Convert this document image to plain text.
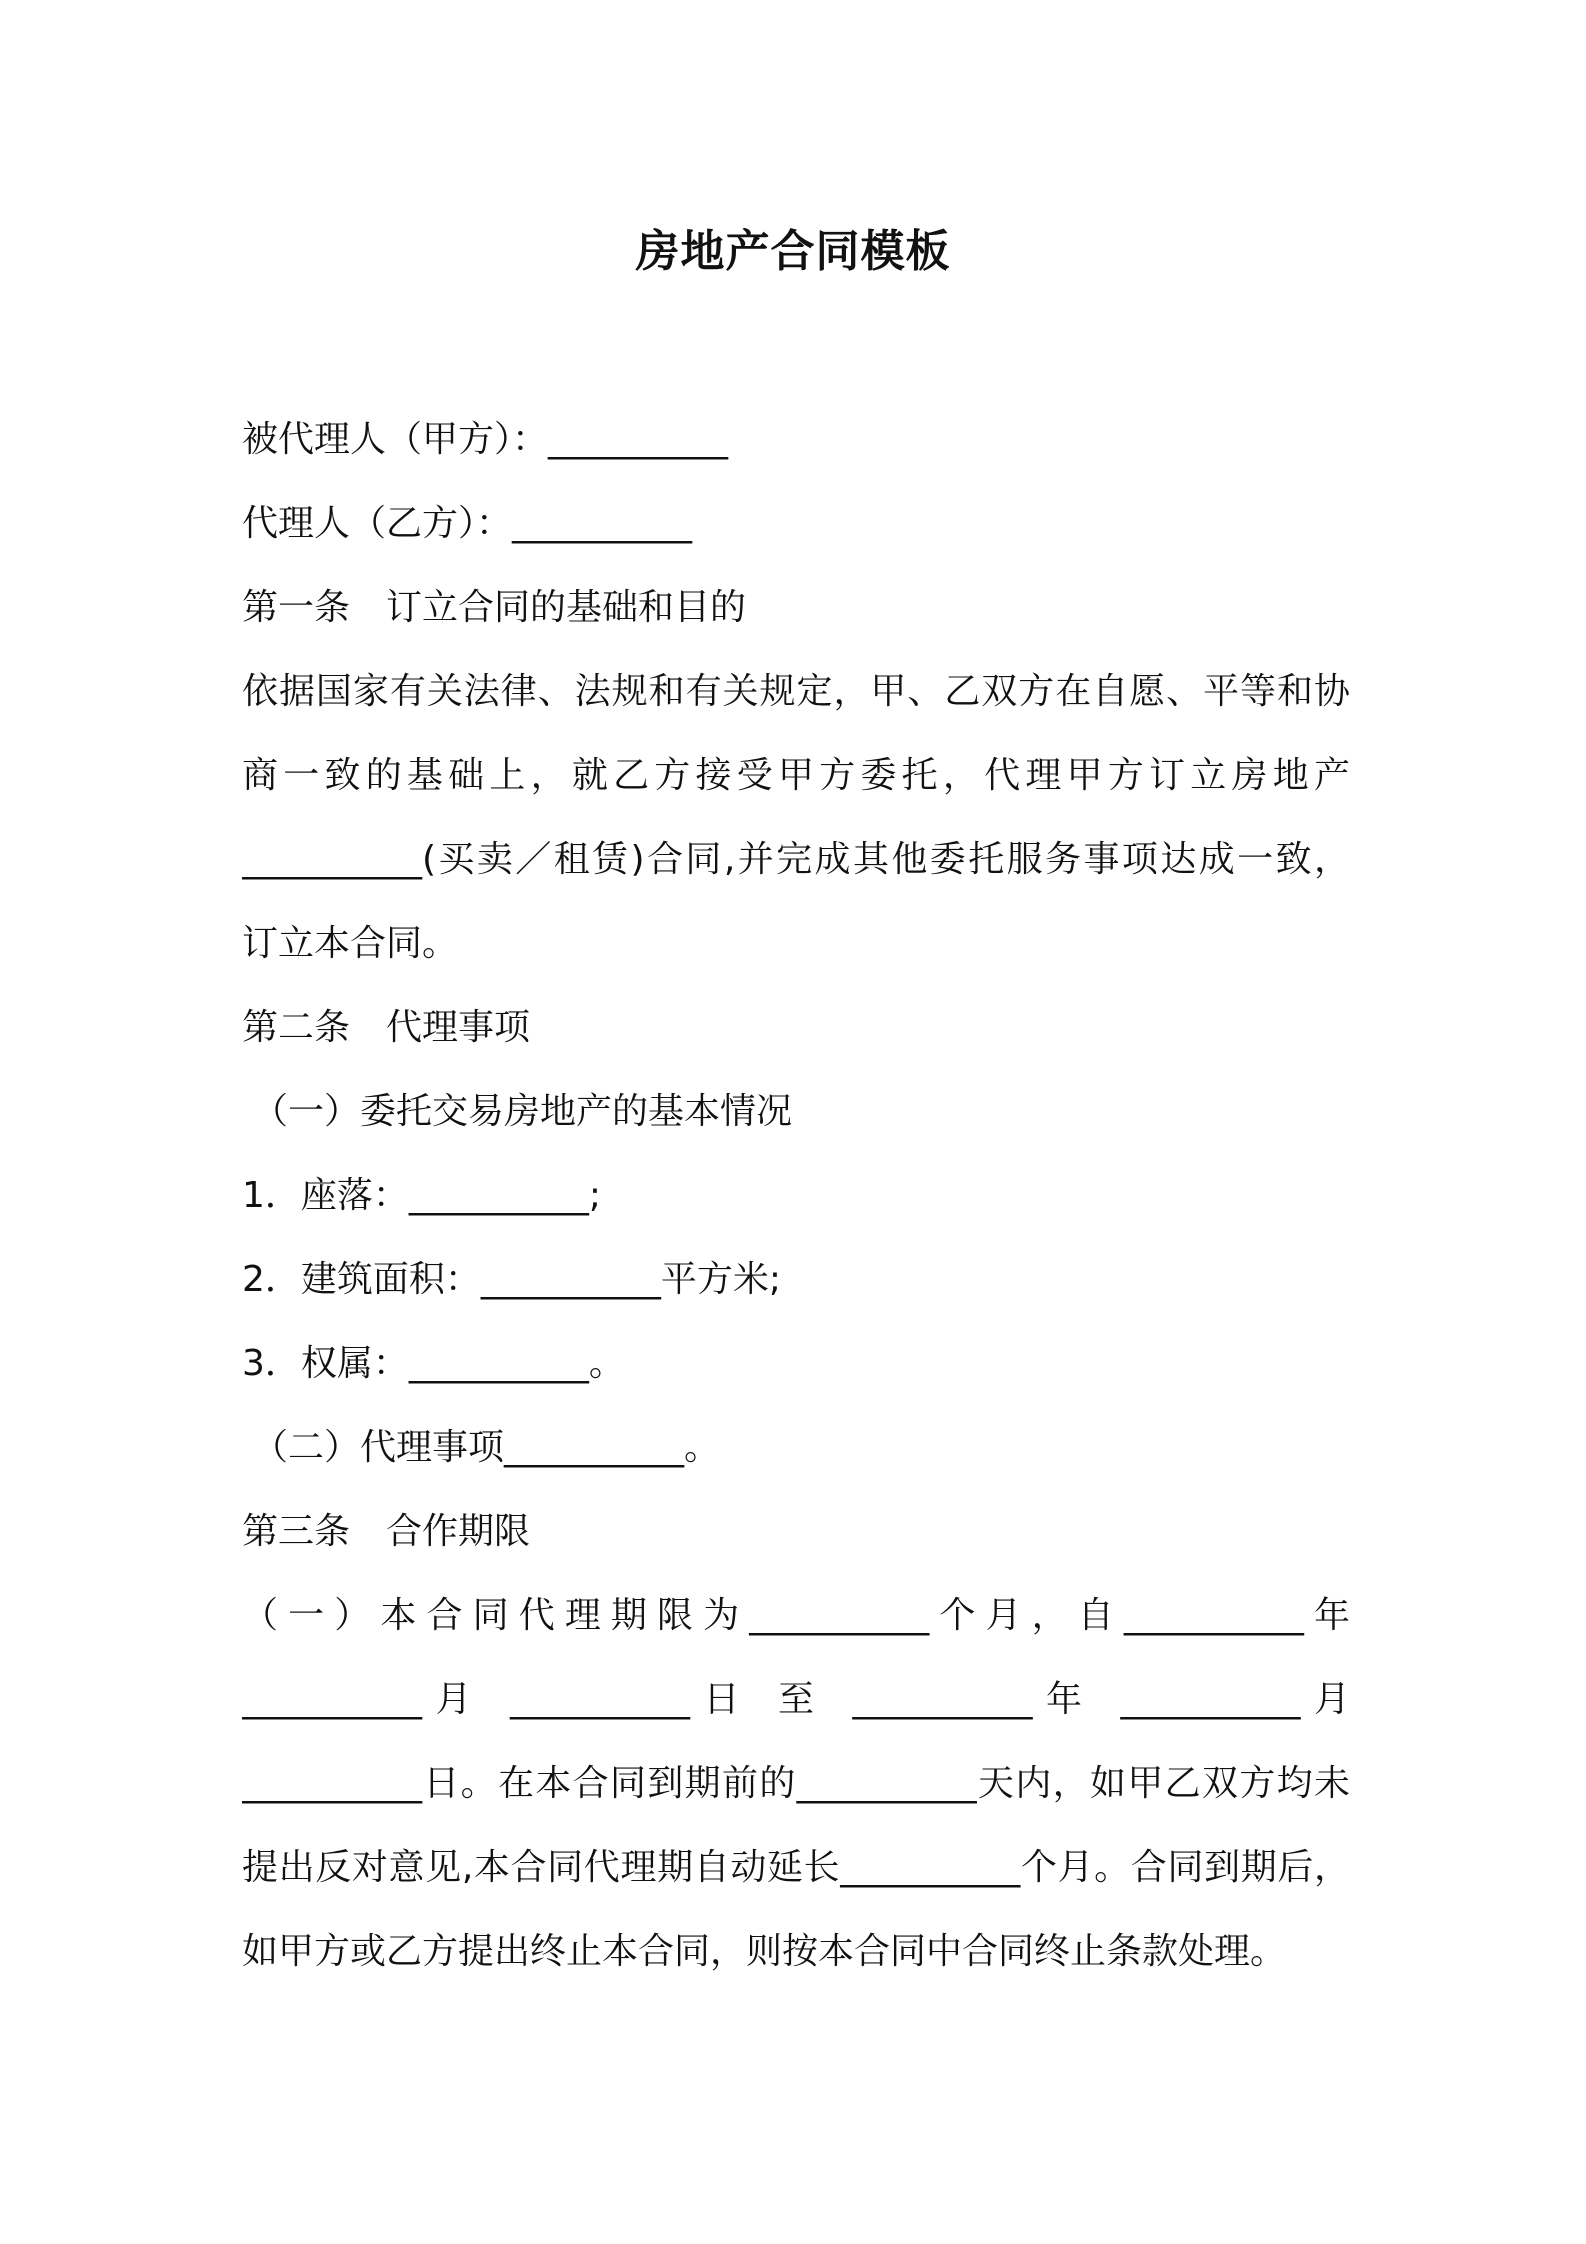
房地产合同模板
被代理人（甲方）：__________
代理人（乙方）：__________
第一条　订立合同的基础和目的
依据国家有关法律、法规和有关规定，甲、乙双方在自愿、平等和协
商一致的基础上，就乙方接受甲方委托，代理甲方订立房地产
__________(买卖／租赁)合同,并完成其他委托服务事项达成一致，
订立本合同。
第二条　代理事项
（一）委托交易房地产的基本情况
1．座落：__________;
2．建筑面积：__________平方米;
3．权属：__________。
（二）代理事项__________。
第三条　合作期限
（一）本合同代理期限为__________个月，自__________年
__________月 __________日 至 __________年 __________月
__________日。在本合同到期前的__________天内，如甲乙双方均未
提出反对意见,本合同代理期自动延长__________个月。合同到期后，
如甲方或乙方提出终止本合同，则按本合同中合同终止条款处理。
